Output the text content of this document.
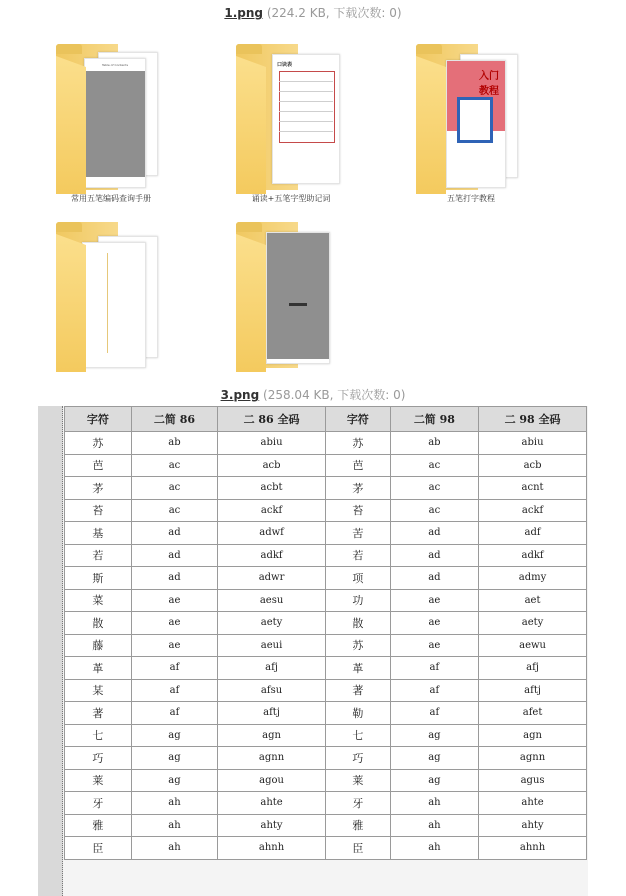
1.png (224.2 KB, 下载次数: 0)
Table of Contents
常用五笔编码查询手册
口诀表
诵读+五笔字型助记词
入门教程
五笔打字教程
3.png (258.04 KB, 下载次数: 0)
字符	二简 86	二 86 全码	字符	二简 98	二 98 全码
苏	ab	abiu	苏	ab	abiu
芭	ac	acb	芭	ac	acb
茅	ac	acbt	茅	ac	acnt
苔	ac	ackf	苔	ac	ackf
基	ad	adwf	苦	ad	adf
若	ad	adkf	若	ad	adkf
斯	ad	adwr	项	ad	admy
菜	ae	aesu	功	ae	aet
散	ae	aety	散	ae	aety
藤	ae	aeui	苏	ae	aewu
革	af	afj	革	af	afj
某	af	afsu	著	af	aftj
著	af	aftj	勒	af	afet
七	ag	agn	七	ag	agn
巧	ag	agnn	巧	ag	agnn
莱	ag	agou	莱	ag	agus
牙	ah	ahte	牙	ah	ahte
雅	ah	ahty	雅	ah	ahty
臣	ah	ahnh	臣	ah	ahnh
